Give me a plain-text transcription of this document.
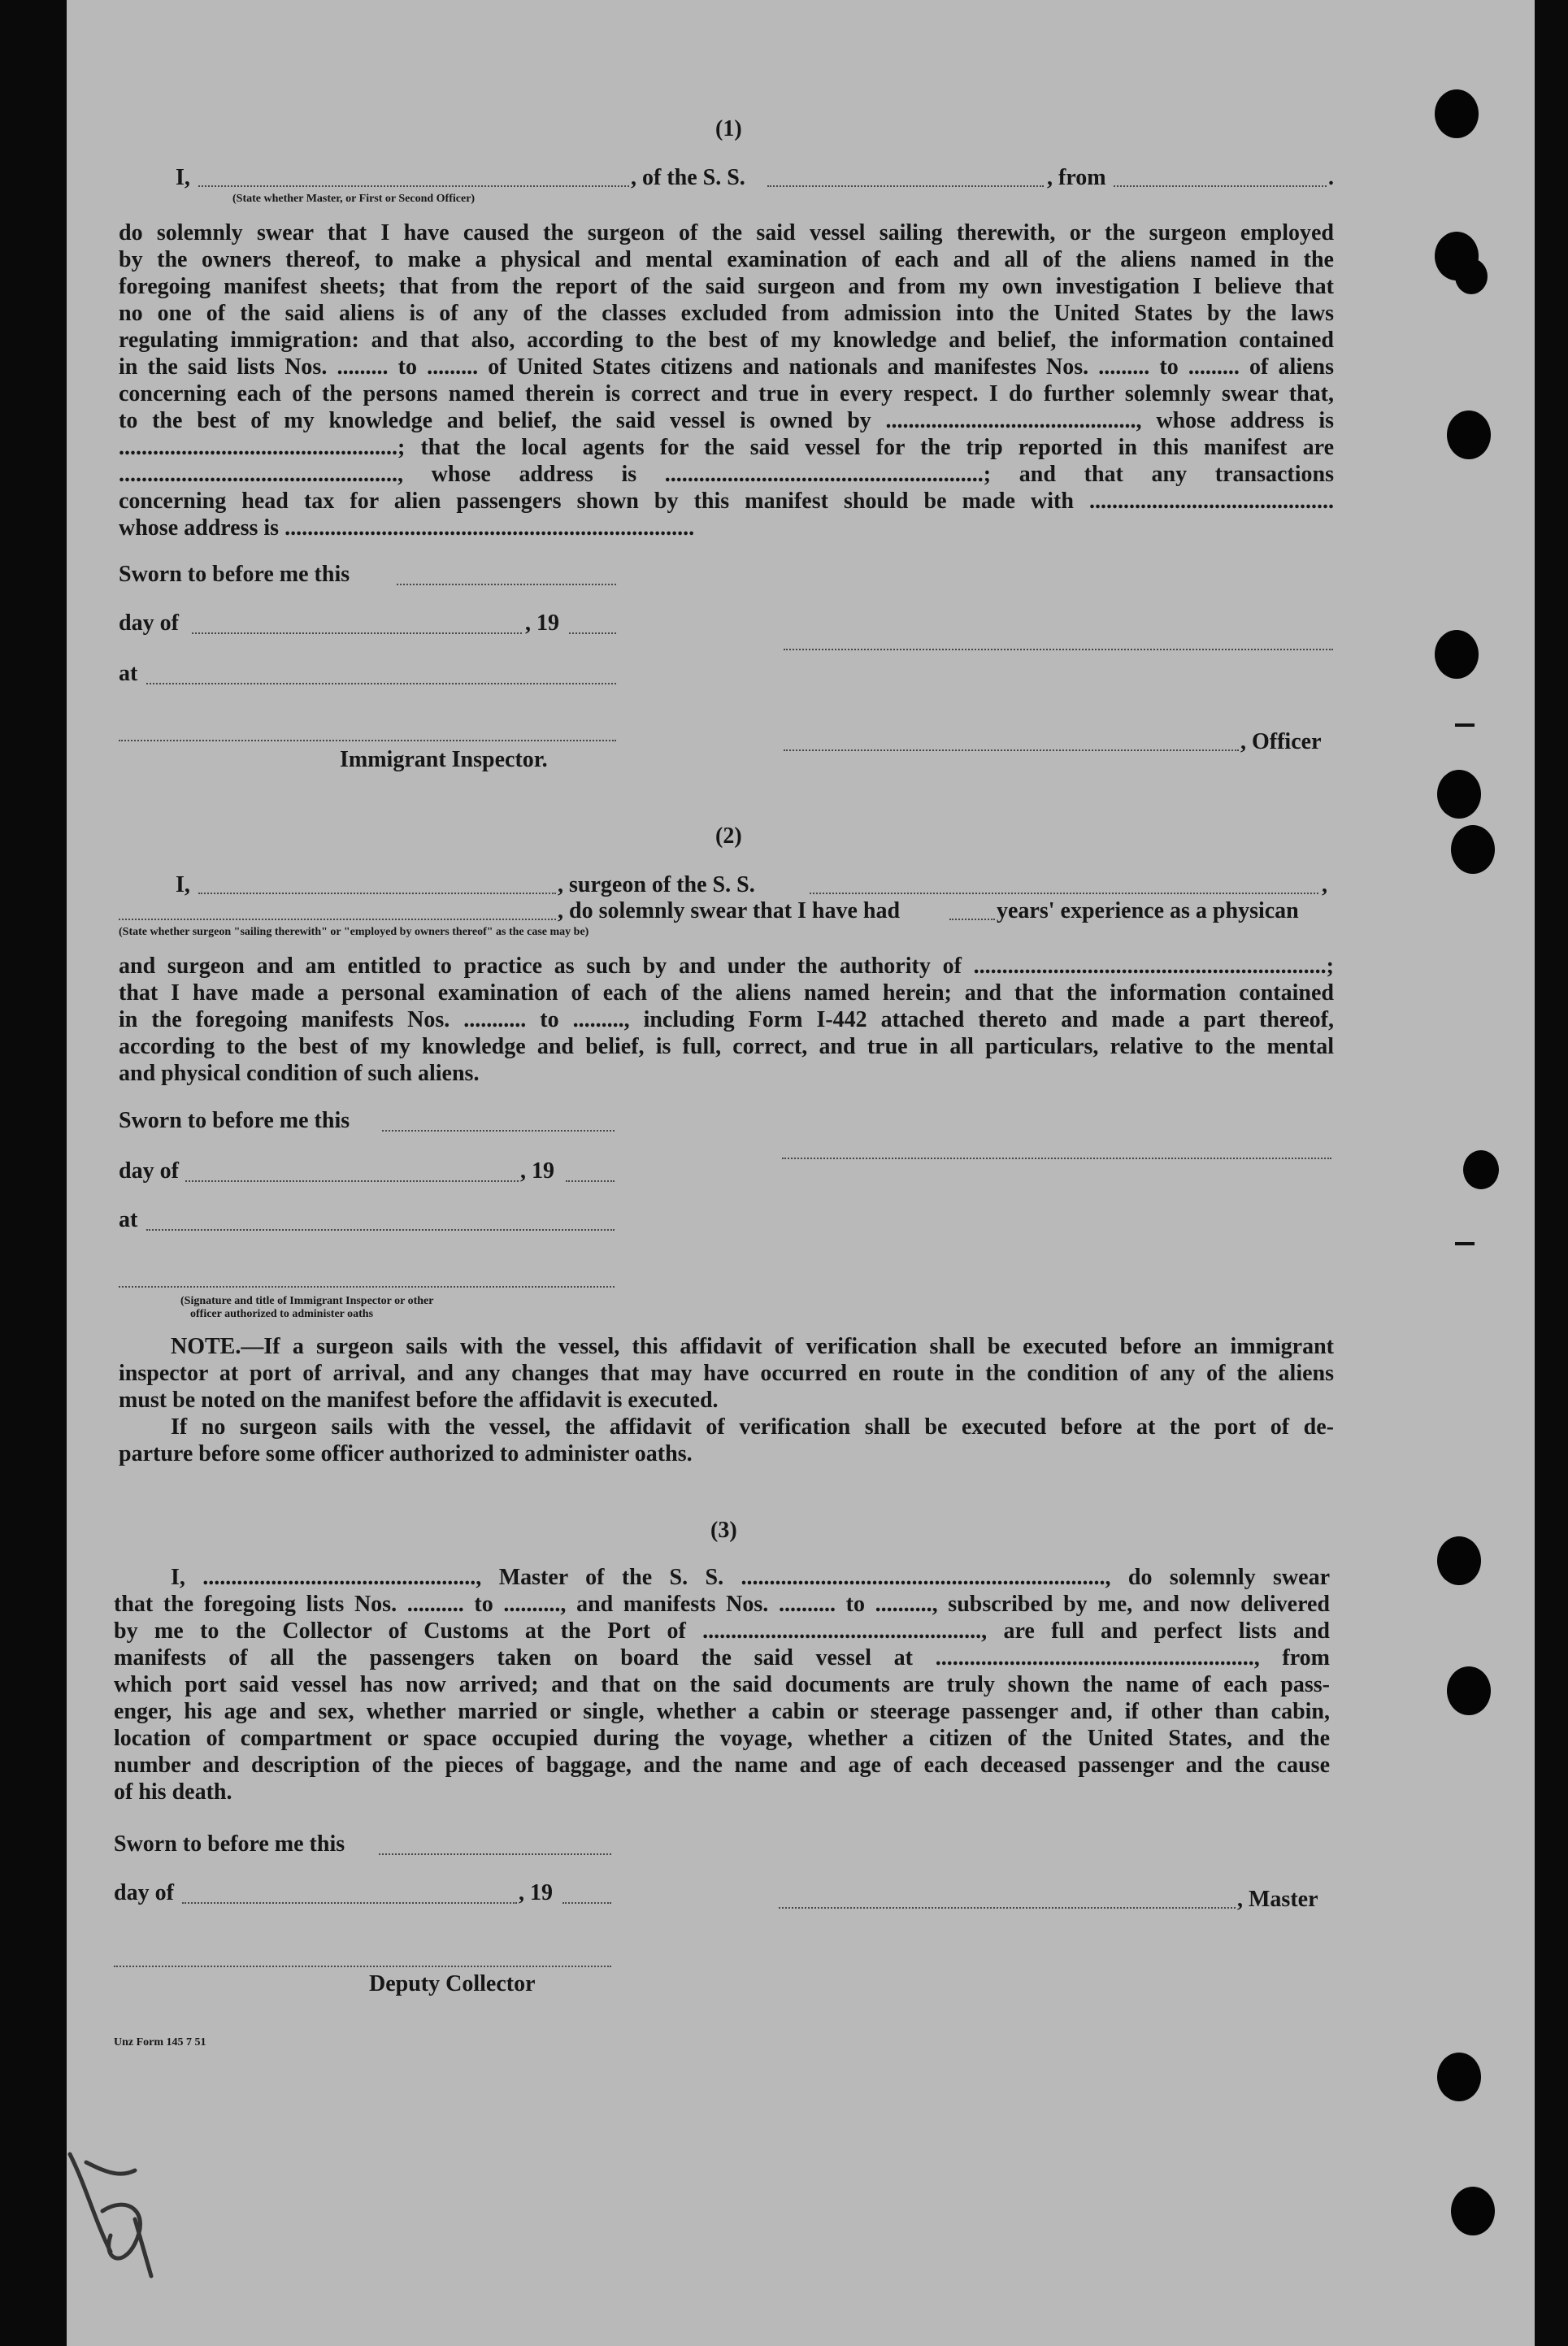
(1)
I,	, of the S. S.	, from	.
(State whether Master, or First or Second Officer)
do solemnly swear that I have caused the surgeon of the said vessel sailing therewith, or the surgeon employed
by the owners thereof, to make a physical and mental examination of each and all of the aliens named in the
foregoing manifest sheets; that from the report of the said surgeon and from my own investigation I believe that
no one of the said aliens is of any of the classes excluded from admission into the United States by the laws
regulating immigration: and that also, according to the best of my knowledge and belief, the information contained
in the said lists Nos. ......... to ......... of United States citizens and nationals and manifestes Nos. ......... to ......... of aliens
concerning each of the persons named therein is correct and true in every respect. I do further solemnly swear that,
to the best of my knowledge and belief, the said vessel is owned by ............................................, whose address is
.................................................; that the local agents for the said vessel for the trip reported in this manifest are
................................................., whose address is ........................................................; and that any transactions
concerning head tax for alien passengers shown by this manifest should be made with ...........................................
whose address is ........................................................................
Sworn to before me this
day of	, 19
at
, Officer
Immigrant Inspector.
(2)
I,	, surgeon of the S. S.	,
, do solemnly swear that I have had	years' experience as a physican
(State whether surgeon "sailing therewith" or "employed by owners thereof" as the case may be)
and surgeon and am entitled to practice as such by and under the authority of ..............................................................;
that I have made a personal examination of each of the aliens named herein; and that the information contained
in the foregoing manifests Nos. ........... to ........., including Form I-442 attached thereto and made a part thereof,
according to the best of my knowledge and belief, is full, correct, and true in all particulars, relative to the mental
and physical condition of such aliens.
Sworn to before me this
day of	, 19
at
(Signature and title of Immigrant Inspector or other
officer authorized to administer oaths
NOTE.—If a surgeon sails with the vessel, this affidavit of verification shall be executed before an immigrant
inspector at port of arrival, and any changes that may have occurred en route in the condition of any of the aliens
must be noted on the manifest before the affidavit is executed.
If no surgeon sails with the vessel, the affidavit of verification shall be executed before at the port of de-
parture before some officer authorized to administer oaths.
(3)
I, ................................................, Master of the S. S. ................................................................, do solemnly swear
that the foregoing lists Nos. .......... to .........., and manifests Nos. .......... to .........., subscribed by me, and now delivered
by me to the Collector of Customs at the Port of ................................................., are full and perfect lists and
manifests of all the passengers taken on board the said vessel at ........................................................, from
which port said vessel has now arrived; and that on the said documents are truly shown the name of each pass-
enger, his age and sex, whether married or single, whether a cabin or steerage passenger and, if other than cabin,
location of compartment or space occupied during the voyage, whether a citizen of the United States, and the
number and description of the pieces of baggage, and the name and age of each deceased passenger and the cause
of his death.
Sworn to before me this
day of	, 19	, Master
Deputy Collector
Unz Form 145 7 51
